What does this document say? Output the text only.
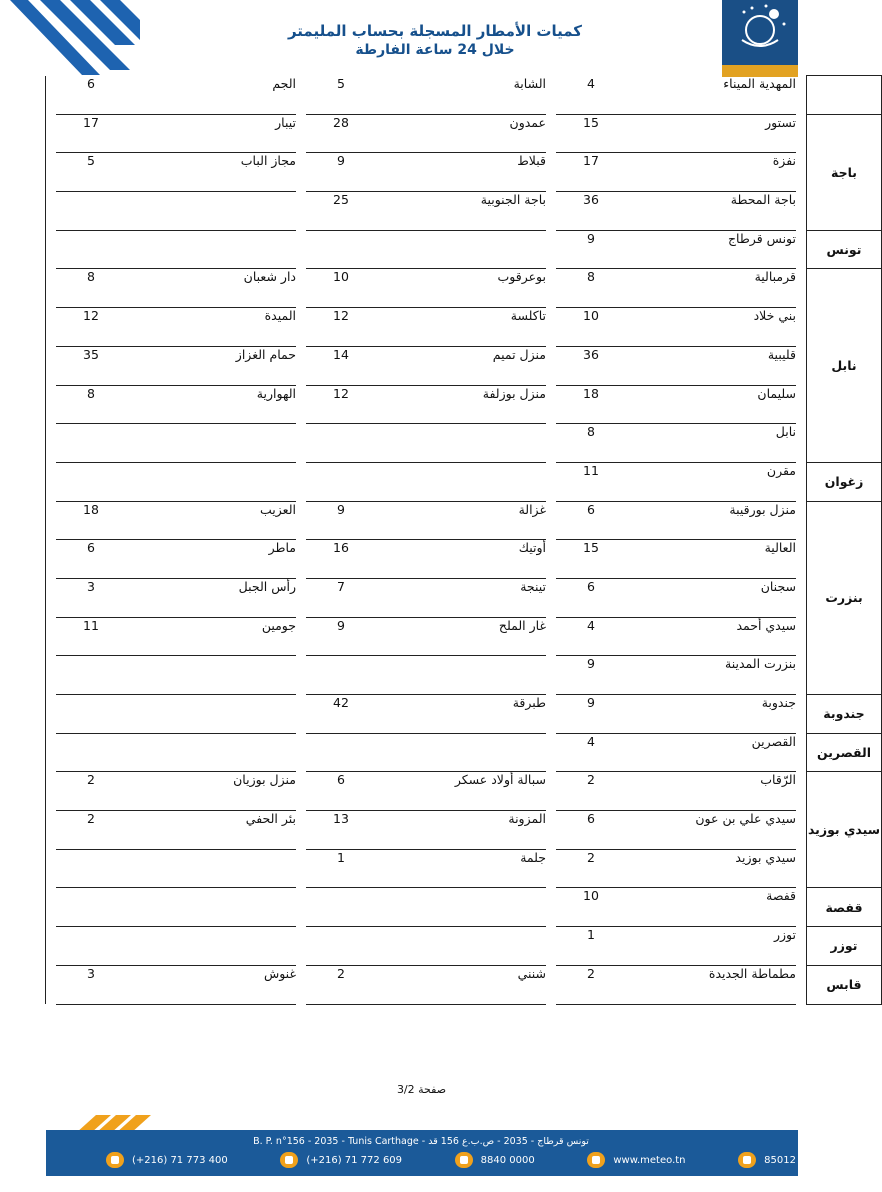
كميات الأمطار المسجلة بحساب المليمتر
خلال 24 ساعة الفارطة
		المهدية الميناء	4		الشابة	5		الجم	6	
باجة		تستور	15		عمدون	28		تيبار	17	
		نفزة	17		قبلاط	9		مجاز الباب	5	
		باجة المحطة	36		باجة الجنوبية	25				
تونس		تونس قرطاج	9							
نابل		قرمبالية	8		بوعرقوب	10		دار شعبان	8	
		بني خلاد	10		تاكلسة	12		الميدة	12	
		قليبية	36		منزل تميم	14		حمام الغزاز	35	
		سليمان	18		منزل بوزلفة	12		الهوارية	8	
		نابل	8							
زغوان		مقرن	11							
بنزرت		منزل بورقيبة	6		غزالة	9		العزيب	18	
		العالية	15		أوتيك	16		ماطر	6	
		سجنان	6		تينجة	7		رأس الجبل	3	
		سيدي أحمد	4		غار الملح	9		جومين	11	
		بنزرت المدينة	9							
جندوبة		جندوبة	9		طبرقة	42				
القصرين		القصرين	4							
سيدي بوزيد		الرّقاب	2		سبالة أولاد عسكر	6		منزل بوزيان	2	
		سيدي علي بن عون	6		المزونة	13		بئر الحفي	2	
		سيدي بوزيد	2		جلمة	1				
قفصة		قفصة	10							
توزر		توزر	1							
قابس		مطماطة الجديدة	2		شنني	2		غنوش	3	
صفحة 3/2
B. P. n°156 - 2035 - Tunis Carthage - تونس قرطاج - 2035 - ص.ب.ع 156 قد
(+216) 71 773 400	(+216) 71 772 609	8840 0000	www.meteo.tn	85012
